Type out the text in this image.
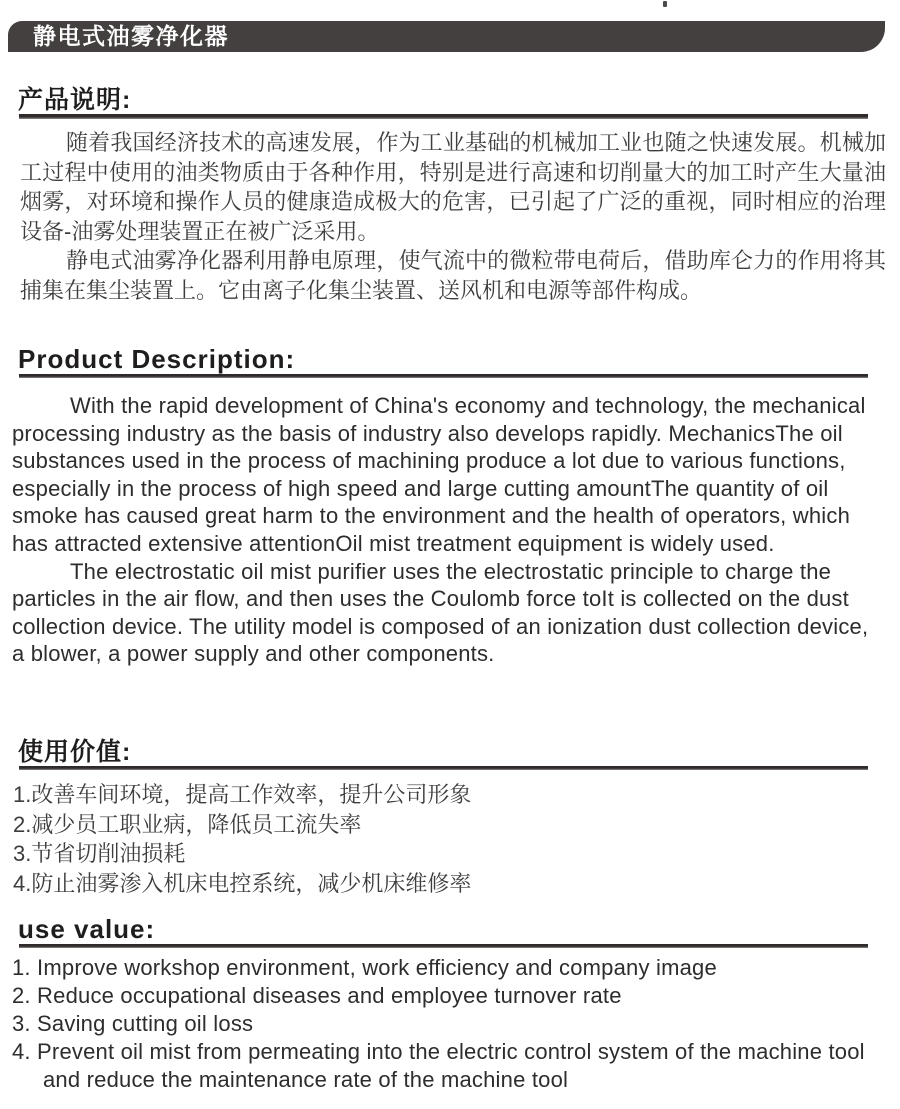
静电式油雾净化器
产品说明:

随着我国经济技术的高速发展，作为工业基础的机械加工业也随之快速发展。机械加工过程中使用的油类物质由于各种作用，特别是进行高速和切削量大的加工时产生大量油烟雾，对环境和操作人员的健康造成极大的危害，已引起了广泛的重视，同时相应的治理设备-油雾处理装置正在被广泛采用。

静电式油雾净化器利用静电原理，使气流中的微粒带电荷后，借助库仑力的作用将其捕集在集尘装置上。它由离子化集尘装置、送风机和电源等部件构成。

Product Description:

With the rapid development of China's economy and technology, the mechanical processing industry as the basis of industry also develops rapidly. MechanicsThe oil substances used in the process of machining produce a lot due to various functions, especially in the process of high speed and large cutting amountThe quantity of oil smoke has caused great harm to the environment and the health of operators, which has attracted extensive attentionOil mist treatment equipment is widely used.

The electrostatic oil mist purifier uses the electrostatic principle to charge the particles in the air flow, and then uses the Coulomb force toIt is collected on the dust collection device. The utility model is composed of an ionization dust collection device, a blower, a power supply and other components.

使用价值:
1.改善车间环境，提高工作效率，提升公司形象
2.减少员工职业病，降低员工流失率
3.节省切削油损耗
4.防止油雾渗入机床电控系统，减少机床维修率
use value:
1. Improve workshop environment, work efficiency and company image
2. Reduce occupational diseases and employee turnover rate
3. Saving cutting oil loss
4. Prevent oil mist from permeating into the electric control system of the machine tool and reduce the maintenance rate of the machine tool
